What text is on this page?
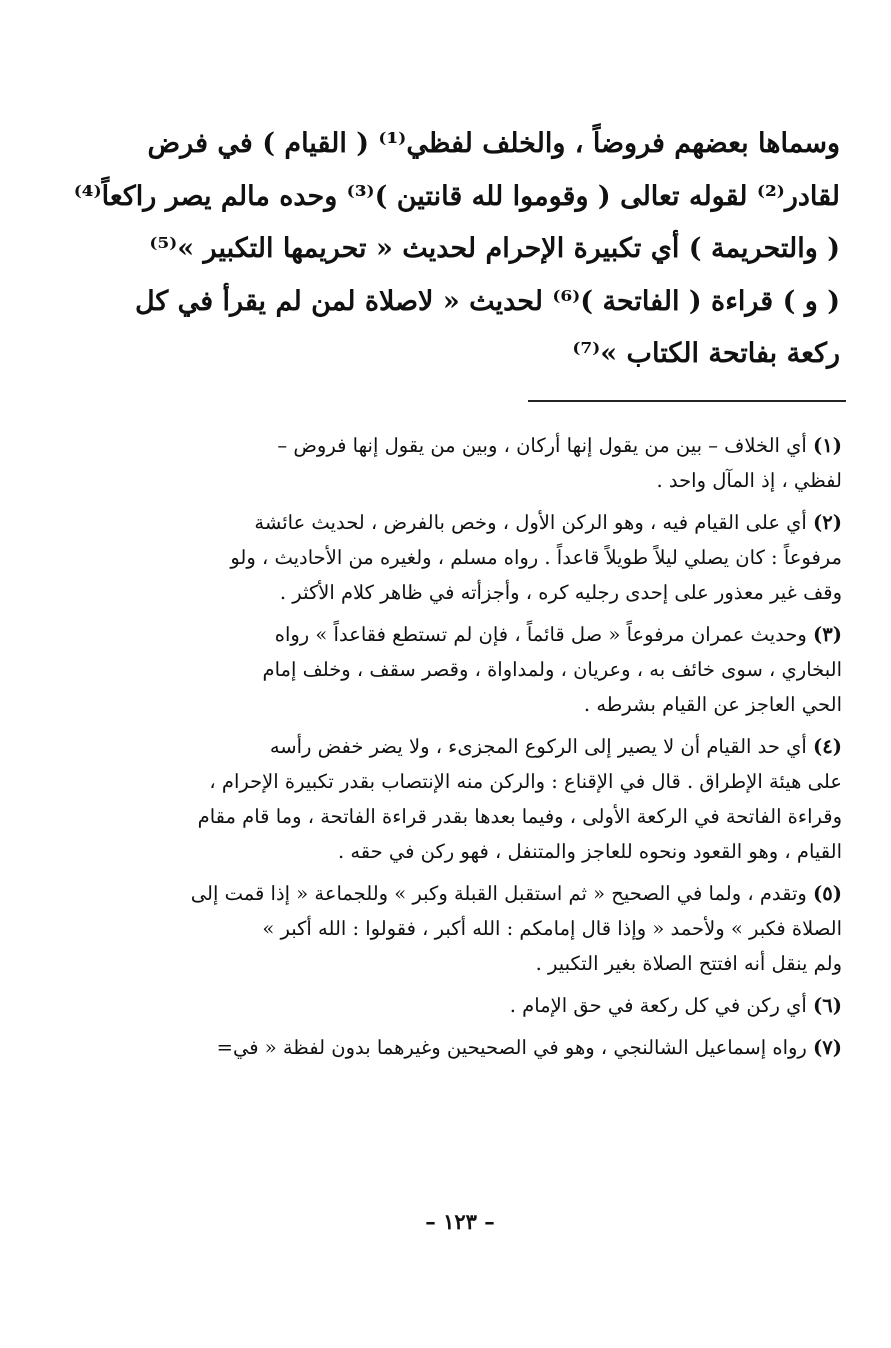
وسماها بعضهم فروضاً ، والخلف لفظي⁽¹⁾ ( القيام ) في فرض
لقادر⁽²⁾ لقوله تعالى ( وقوموا لله قانتين )⁽³⁾ وحده مالم يصر راكعاً⁽⁴⁾
( والتحريمة ) أي تكبيرة الإحرام لحديث « تحريمها التكبير »⁽⁵⁾
( و ) قراءة ( الفاتحة )⁽⁶⁾ لحديث « لاصلاة لمن لم يقرأ في كل
ركعة بفاتحة الكتاب »⁽⁷⁾
(١) أي الخلاف – بين من يقول إنها أركان ، وبين من يقول إنها فروض –
لفظي ، إذ المآل واحد .
(٢) أي على القيام فيه ، وهو الركن الأول ، وخص بالفرض ، لحديث عائشة
مرفوعاً : كان يصلي ليلاً طويلاً قاعداً . رواه مسلم ، ولغيره من الأحاديث ، ولو
وقف غير معذور على إحدى رجليه كره ، وأجزأته في ظاهر كلام الأكثر .
(٣) وحديث عمران مرفوعاً « صل قائماً ، فإن لم تستطع فقاعداً » رواه
البخاري ، سوى خائف به ، وعريان ، ولمداواة ، وقصر سقف ، وخلف إمام
الحي العاجز عن القيام بشرطه .
(٤) أي حد القيام أن لا يصير إلى الركوع المجزىء ، ولا يضر خفض رأسه
على هيئة الإطراق . قال في الإقناع : والركن منه الإنتصاب بقدر تكبيرة الإحرام ،
وقراءة الفاتحة في الركعة الأولى ، وفيما بعدها بقدر قراءة الفاتحة ، وما قام مقام
القيام ، وهو القعود ونحوه للعاجز والمتنفل ، فهو ركن في حقه .
(٥) وتقدم ، ولما في الصحيح « ثم استقبل القبلة وكبر » وللجماعة « إذا قمت إلى
الصلاة فكبر » ولأحمد « وإذا قال إمامكم : الله أكبر ، فقولوا : الله أكبر »
ولم ينقل أنه افتتح الصلاة بغير التكبير .
(٦) أي ركن في كل ركعة في حق الإمام .
(٧) رواه إسماعيل الشالنجي ، وهو في الصحيحين وغيرهما بدون لفظة « في=
– ١٢٣ –
